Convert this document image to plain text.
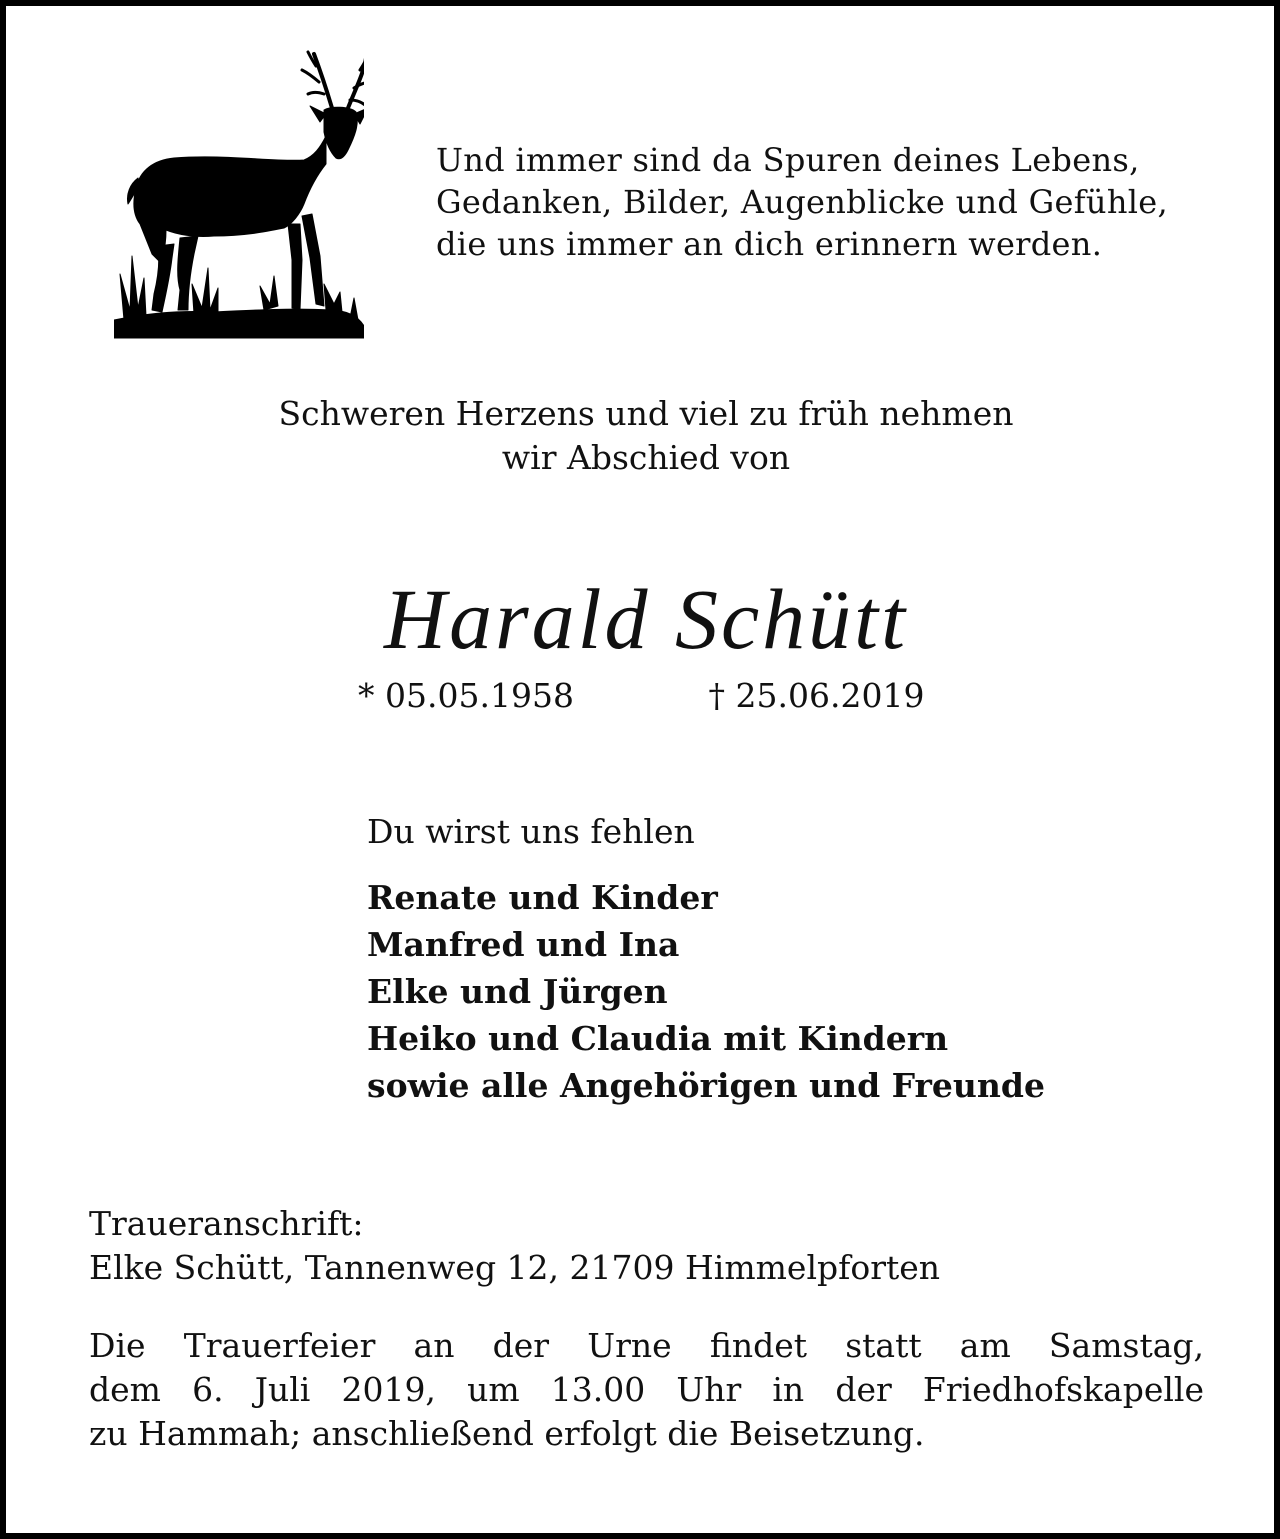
Und immer sind da Spuren deines Lebens,
Gedanken, Bilder, Augenblicke und Gefühle,
die uns immer an dich erinnern werden.
Schweren Herzens und viel zu früh nehmen
wir Abschied von
Harald Schütt
* 05.05.1958	† 25.06.2019
Du wirst uns fehlen
Renate und Kinder
Manfred und Ina
Elke und Jürgen
Heiko und Claudia mit Kindern
sowie alle Angehörigen und Freunde
Traueranschrift:
Elke Schütt, Tannenweg 12, 21709 Himmelpforten
Die Trauerfeier an der Urne findet statt am Samstag,
dem 6. Juli 2019, um 13.00 Uhr in der Friedhofskapelle
zu Hammah; anschließend erfolgt die Beisetzung.
